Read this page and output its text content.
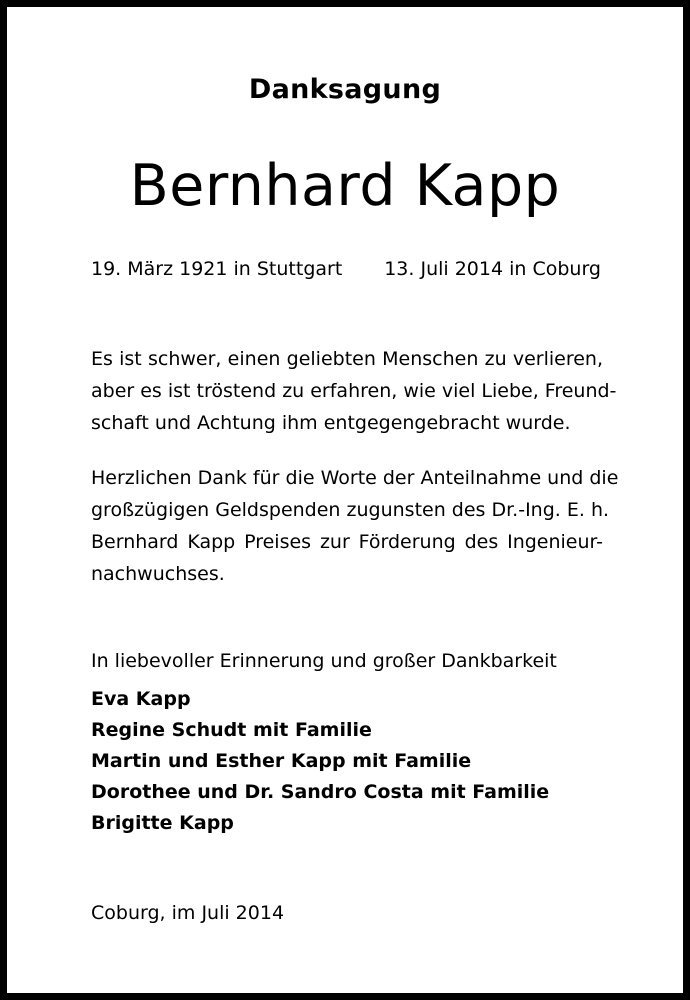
Danksagung
Bernhard Kapp
19. März 1921 in Stuttgart 13. Juli 2014 in Coburg
Es ist schwer, einen geliebten Menschen zu verlieren,
aber es ist tröstend zu erfahren, wie viel Liebe, Freund-
schaft und Achtung ihm entgegengebracht wurde.
Herzlichen Dank für die Worte der Anteilnahme und die
großzügigen Geldspenden zugunsten des Dr.-Ing. E. h.
Bernhard Kapp Preises zur Förderung des Ingenieur-
nachwuchses.
In liebevoller Erinnerung und großer Dankbarkeit
Eva Kapp
Regine Schudt mit Familie
Martin und Esther Kapp mit Familie
Dorothee und Dr. Sandro Costa mit Familie
Brigitte Kapp
Coburg, im Juli 2014
